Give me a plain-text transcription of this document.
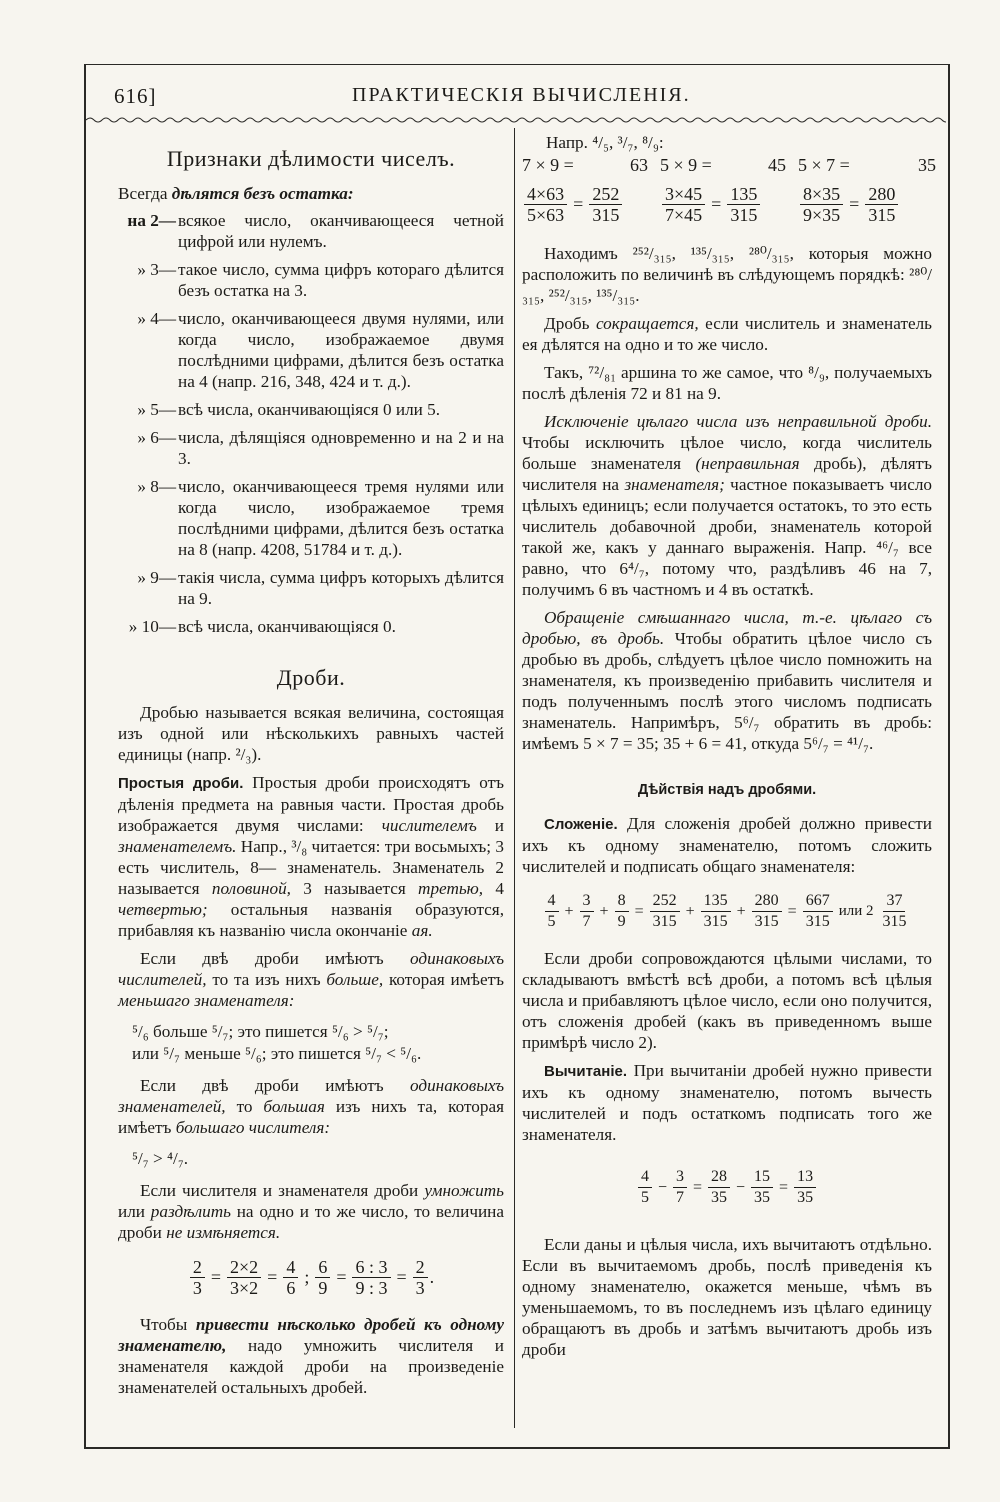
616]	ПРАКТИЧЕСКІЯ ВЫЧИСЛЕНІЯ.
Признаки дѣлимости чиселъ.

Всегда дѣлятся безъ остатка:

на 2— всякое число, оканчивающееся четной цифрой или нулемъ.
» 3— такое число, сумма цифръ котораго дѣлится безъ остатка на 3.
» 4— число, оканчивающееся двумя нулями, или когда число, изображаемое двумя послѣдними цифрами, дѣлится безъ остатка на 4 (напр. 216, 348, 424 и т. д.).
» 5— всѣ числа, оканчивающіяся 0 или 5.
» 6— числа, дѣлящіяся одновременно и на 2 и на 3.
» 8— число, оканчивающееся тремя нулями или когда число, изображаемое тремя послѣдними цифрами, дѣлится безъ остатка на 8 (напр. 4208, 51784 и т. д.).
» 9— такія числа, сумма цифръ которыхъ дѣлится на 9.
» 10— всѣ числа, оканчивающіяся 0.
Дроби.

Дробью называется всякая величина, состоящая изъ одной или нѣсколькихъ равныхъ частей единицы (напр. ²/₃).

Простыя дроби. Простыя дроби происходятъ отъ дѣленія предмета на равныя части. Простая дробь изображается двумя числами: числителемъ и знаменателемъ. Напр., ³/₈ читается: три восьмыхъ; 3 есть числитель, 8— знаменатель. Знаменатель 2 называется половиной, 3 называется третью, 4 четвертью; остальныя названія образуются, прибавляя къ названію числа окончаніе ая.

Если двѣ дроби имѣютъ одинаковыхъ числителей, то та изъ нихъ больше, которая имѣетъ меньшаго знаменателя:

⁵/₆ больше ⁵/₇; это пишется ⁵/₆ > ⁵/₇;
или ⁵/₇ меньше ⁵/₆; это пишется ⁵/₇ < ⁵/₆.

Если двѣ дроби имѣютъ одинаковыхъ знаменателей, то большая изъ нихъ та, которая имѣетъ большаго числителя:

⁵/₇ > ⁴/₇.

Если числителя и знаменателя дроби умножить или раздѣлить на одно и то же число, то величина дроби не измѣняется.

$\frac{2}{3} = \frac{2\times 2}{3\times 2} = \frac{4}{6}$ ; $\frac{6}{9} = \frac{6 : 3}{9 : 3} = \frac{2}{3}$ .

Чтобы привести нѣсколько дробей къ одному знаменателю, надо умножить числителя и знаменателя каждой дроби на произведеніе знаменателей остальныхъ дробей.

Напр. ⁴/₅, ³/₇, ⁸/₉:

7 × 9 =	63 5 × 9 =	45 5 × 7 =	35
$\frac{4\times 63}{5\times 63} = \frac{252}{315} \frac{3\times 45}{7\times 45} = \frac{135}{315} \frac{8\times 35}{9\times 35} = \frac{280}{315}$

Находимъ ²⁵²/₃₁₅, ¹³⁵/₃₁₅, ²⁸⁰/₃₁₅, которыя можно расположить по величинѣ въ слѣдующемъ порядкѣ: ²⁸⁰/₃₁₅, ²⁵²/₃₁₅, ¹³⁵/₃₁₅.

Дробь сокращается, если числитель и знаменатель ея дѣлятся на одно и то же число.

Такъ, ⁷²/₈₁ аршина то же самое, что ⁸/₉, получаемыхъ послѣ дѣленія 72 и 81 на 9.

Исключеніе цѣлаго числа изъ неправильной дроби. Чтобы исключить цѣлое число, когда числитель больше знаменателя (неправильная дробь), дѣлятъ числителя на знаменателя; частное показываетъ число цѣлыхъ единицъ; если получается остатокъ, то это есть числитель добавочной дроби, знаменатель которой такой же, какъ у даннаго выраженія. Напр. ⁴⁶/₇ все равно, что 6⁴/₇, потому что, раздѣливъ 46 на 7, получимъ 6 въ частномъ и 4 въ остаткѣ.

Обращеніе смѣшаннаго числа, т.-е. цѣлаго съ дробью, въ дробь. Чтобы обратить цѣлое число съ дробью въ дробь, слѣдуетъ цѣлое число помножить на знаменателя, къ произведенію прибавить числителя и подъ полученнымъ послѣ этого числомъ подписать знаменатель. Напримѣръ, 5⁶/₇ обратить въ дробь: имѣемъ 5 × 7 = 35; 35 + 6 = 41, откуда 5⁶/₇ = ⁴¹/₇.

Дѣйствія надъ дробями.

Сложеніе. Для сложенія дробей должно привести ихъ къ одному знаменателю, потомъ сложить числителей и подписать общаго знаменателя:

$\frac{4}{5} + \frac{3}{7} + \frac{8}{9} = \frac{252}{315} + \frac{135}{315} + \frac{280}{315} = \frac{667}{315}$ или $2 \frac{37}{315}$

Если дроби сопровождаются цѣлыми числами, то складываютъ вмѣстѣ всѣ дроби, а потомъ всѣ цѣлыя числа и прибавляютъ цѣлое число, если оно получится, отъ сложенія дробей (какъ въ приведенномъ выше примѣрѣ число 2).

Вычитаніе. При вычитаніи дробей нужно привести ихъ къ одному знаменателю, потомъ вычесть числителей и подъ остаткомъ подписать того же знаменателя.

$\frac{4}{5} - \frac{3}{7} = \frac{28}{35} - \frac{15}{35} = \frac{13}{35}$

Если даны и цѣлыя числа, ихъ вычитаютъ отдѣльно. Если въ вычитаемомъ дробь, послѣ приведенія къ одному знаменателю, окажется меньше, чѣмъ въ уменьшаемомъ, то въ последнемъ изъ цѣлаго единицу обращаютъ въ дробь и затѣмъ вычитаютъ дробь изъ дроби
